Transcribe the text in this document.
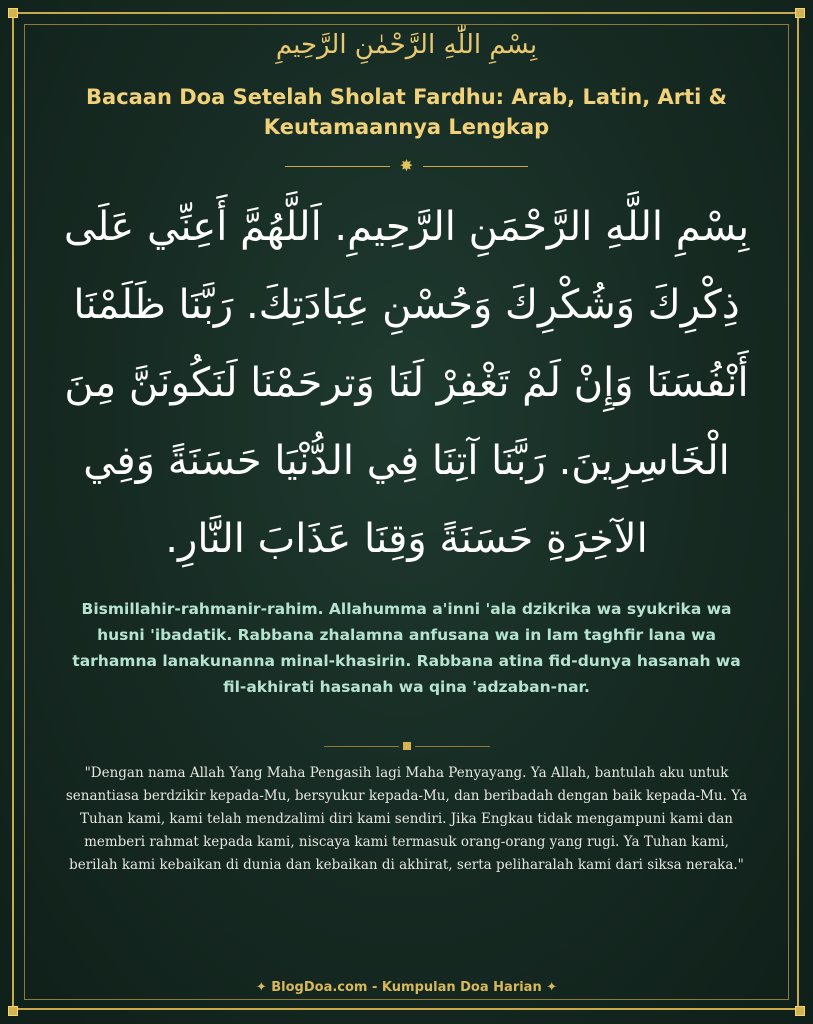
بِسْمِ اللّٰهِ الرَّحْمٰنِ الرَّحِيمِ
Bacaan Doa Setelah Sholat Fardhu: Arab, Latin, Arti & Keutamaannya Lengkap
✸
بِسْمِ اللَّهِ الرَّحْمَنِ الرَّحِيمِ. اَللَّهُمَّ أَعِنِّي عَلَى ذِكْرِكَ وَشُكْرِكَ وَحُسْنِ عِبَادَتِكَ. رَبَّنَا ظَلَمْنَا أَنْفُسَنَا وَإِنْ لَمْ تَغْفِرْ لَنَا وَترحَمْنَا لَنَكُونَنَّ مِنَ الْخَاسِرِينَ. رَبَّنَا آتِنَا فِي الدُّنْيَا حَسَنَةً وَفِي الآخِرَةِ حَسَنَةً وَقِنَا عَذَابَ النَّارِ.
Bismillahir-rahmanir-rahim. Allahumma a'inni 'ala dzikrika wa syukrika wa husni 'ibadatik. Rabbana zhalamna anfusana wa in lam taghfir lana wa tarhamna lanakunanna minal-khasirin. Rabbana atina fid-dunya hasanah wa fil-akhirati hasanah wa qina 'adzaban-nar.
"Dengan nama Allah Yang Maha Pengasih lagi Maha Penyayang. Ya Allah, bantulah aku untuk senantiasa berdzikir kepada-Mu, bersyukur kepada-Mu, dan beribadah dengan baik kepada-Mu. Ya Tuhan kami, kami telah mendzalimi diri kami sendiri. Jika Engkau tidak mengampuni kami dan memberi rahmat kepada kami, niscaya kami termasuk orang-orang yang rugi. Ya Tuhan kami, berilah kami kebaikan di dunia dan kebaikan di akhirat, serta peliharalah kami dari siksa neraka."
✦ BlogDoa.com - Kumpulan Doa Harian ✦
